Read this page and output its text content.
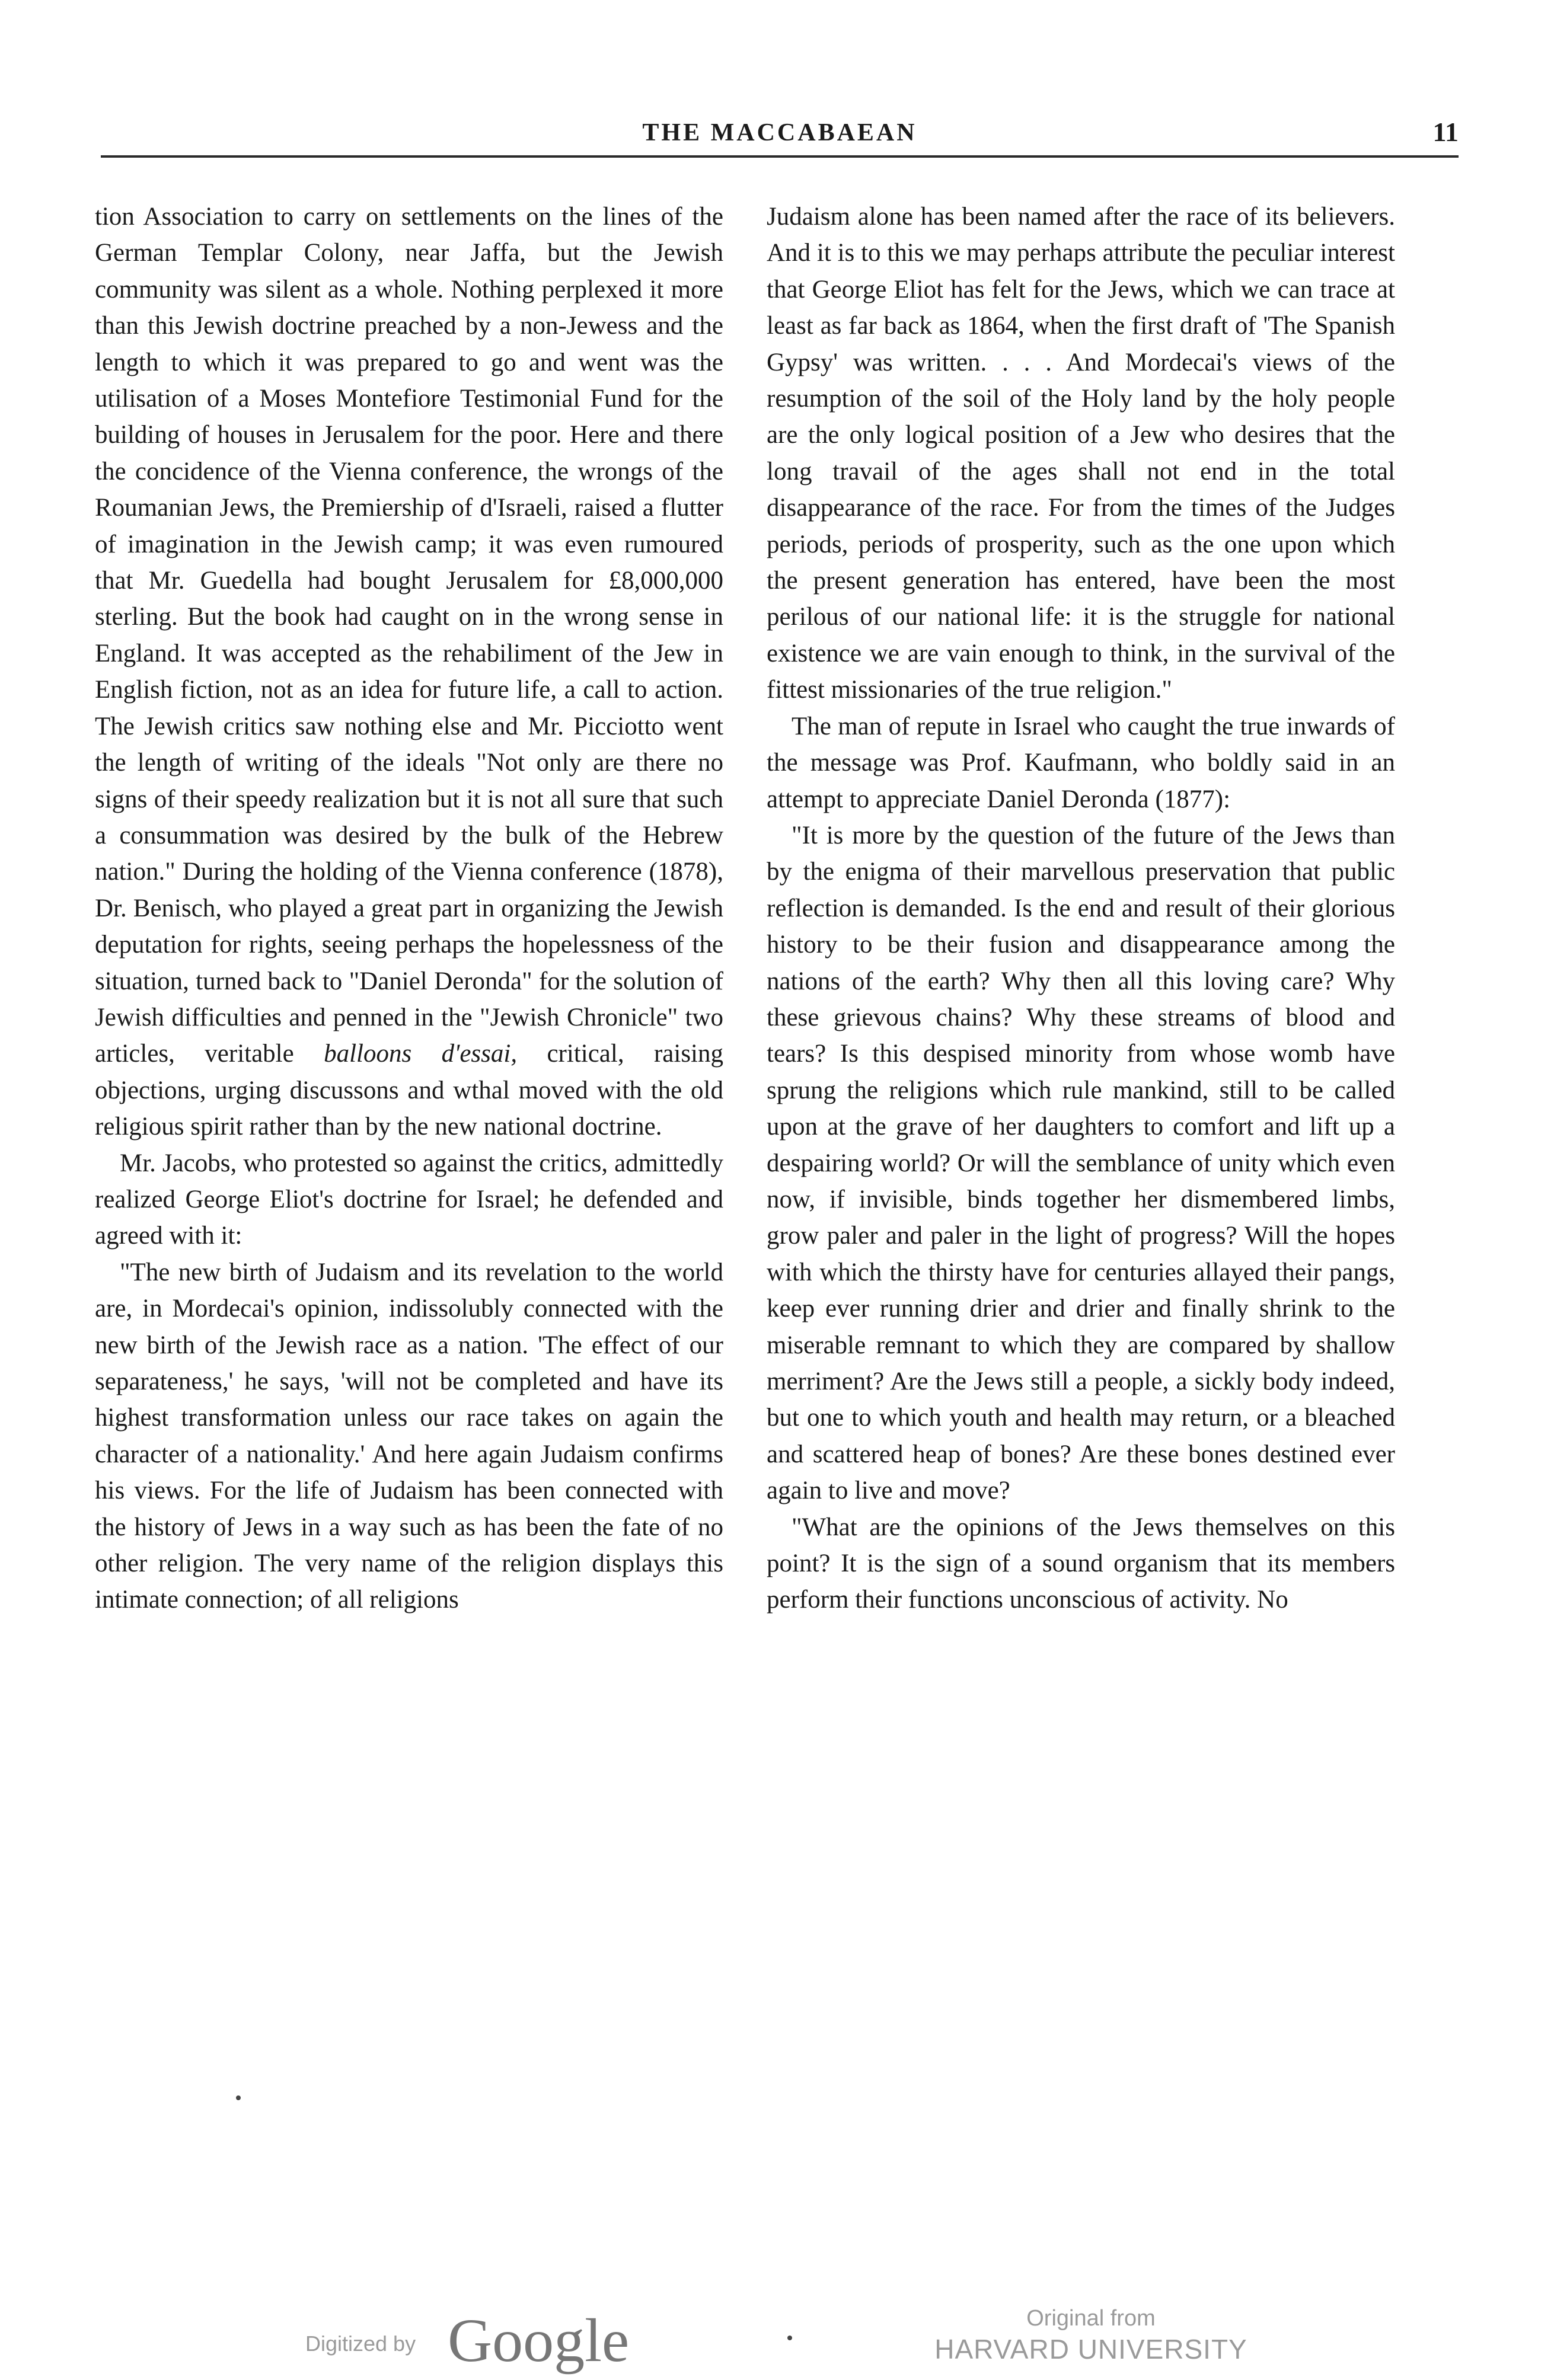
THE MACCABAEAN	11

tion Association to carry on settlements on the lines of the German Templar Colony, near Jaffa, but the Jewish community was silent as a whole. Nothing perplexed it more than this Jewish doctrine preached by a non-Jewess and the length to which it was prepared to go and went was the utilisation of a Moses Montefiore Testimonial Fund for the building of houses in Jerusalem for the poor. Here and there the concidence of the Vienna conference, the wrongs of the Roumanian Jews, the Premiership of d'Israeli, raised a flutter of imagination in the Jewish camp; it was even rumoured that Mr. Guedella had bought Jerusalem for £8,000,000 sterling. But the book had caught on in the wrong sense in England. It was accepted as the rehabiliment of the Jew in English fiction, not as an idea for future life, a call to action. The Jewish critics saw nothing else and Mr. Picciotto went the length of writing of the ideals "Not only are there no signs of their speedy realization but it is not all sure that such a consummation was desired by the bulk of the Hebrew nation." During the holding of the Vienna conference (1878), Dr. Benisch, who played a great part in organizing the Jewish deputation for rights, seeing perhaps the hopelessness of the situation, turned back to "Daniel Deronda" for the solution of Jewish difficulties and penned in the "Jewish Chronicle" two articles, veritable balloons d'essai, critical, raising objections, urging discussons and wthal moved with the old religious spirit rather than by the new national doctrine.

Mr. Jacobs, who protested so against the critics, admittedly realized George Eliot's doctrine for Israel; he defended and agreed with it:

"The new birth of Judaism and its revelation to the world are, in Mordecai's opinion, indissolubly connected with the new birth of the Jewish race as a nation. 'The effect of our separateness,' he says, 'will not be completed and have its highest transformation unless our race takes on again the character of a nationality.' And here again Judaism confirms his views. For the life of Judaism has been connected with the history of Jews in a way such as has been the fate of no other religion. The very name of the religion displays this intimate connection; of all religions

Judaism alone has been named after the race of its believers. And it is to this we may perhaps attribute the peculiar interest that George Eliot has felt for the Jews, which we can trace at least as far back as 1864, when the first draft of 'The Spanish Gypsy' was written. . . . And Mordecai's views of the resumption of the soil of the Holy land by the holy people are the only logical position of a Jew who desires that the long travail of the ages shall not end in the total disappearance of the race. For from the times of the Judges periods, periods of prosperity, such as the one upon which the present generation has entered, have been the most perilous of our national life: it is the struggle for national existence we are vain enough to think, in the survival of the fittest missionaries of the true religion."

The man of repute in Israel who caught the true inwards of the message was Prof. Kaufmann, who boldly said in an attempt to appreciate Daniel Deronda (1877):

"It is more by the question of the future of the Jews than by the enigma of their marvellous preservation that public reflection is demanded. Is the end and result of their glorious history to be their fusion and disappearance among the nations of the earth? Why then all this loving care? Why these grievous chains? Why these streams of blood and tears? Is this despised minority from whose womb have sprung the religions which rule mankind, still to be called upon at the grave of her daughters to comfort and lift up a despairing world? Or will the semblance of unity which even now, if invisible, binds together her dismembered limbs, grow paler and paler in the light of progress? Will the hopes with which the thirsty have for centuries allayed their pangs, keep ever running drier and drier and finally shrink to the miserable remnant to which they are compared by shallow merriment? Are the Jews still a people, a sickly body indeed, but one to which youth and health may return, or a bleached and scattered heap of bones? Are these bones destined ever again to live and move?

"What are the opinions of the Jews themselves on this point? It is the sign of a sound organism that its members perform their functions unconscious of activity. No

Digitized by Google	Original from
HARVARD UNIVERSITY
